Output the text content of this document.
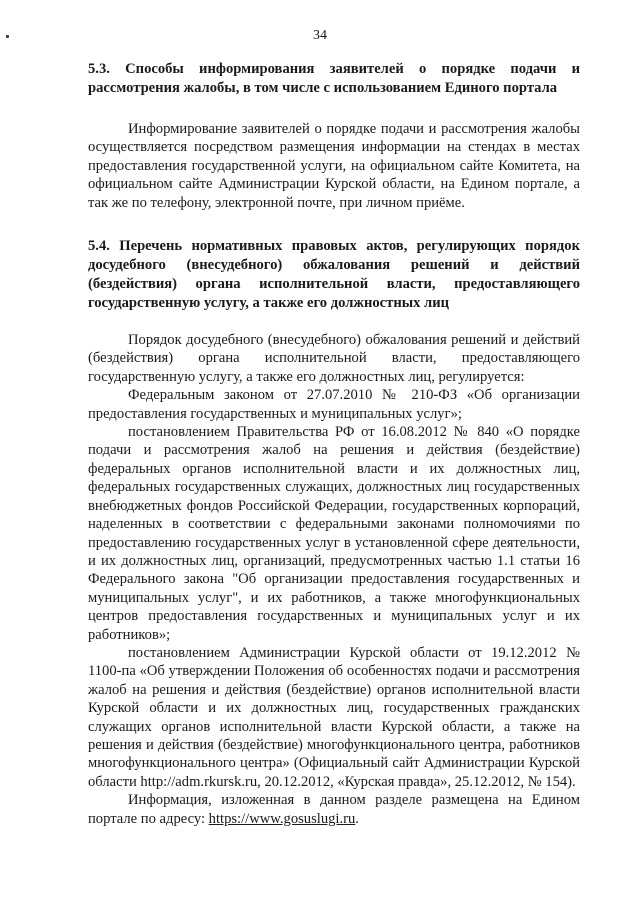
34
5.3. Способы информирования заявителей о порядке подачи и рассмотрения жалобы, в том числе с использованием Единого портала

Информирование заявителей о порядке подачи и рассмотрения жалобы осуществляется посредством размещения информации на стендах в местах предоставления государственной услуги, на официальном сайте Комитета, на официальном сайте Администрации Курской области, на Едином портале, а так же по телефону, электронной почте, при личном приёме.

5.4. Перечень нормативных правовых актов, регулирующих порядок досудебного (внесудебного) обжалования решений и действий (бездействия) органа исполнительной власти, предоставляющего государственную услугу, а также его должностных лиц

Порядок досудебного (внесудебного) обжалования решений и действий (бездействия) органа исполнительной власти, предоставляющего государственную услугу, а также его должностных лиц, регулируется:

Федеральным законом от 27.07.2010 № 210-ФЗ «Об организации предоставления государственных и муниципальных услуг»;

постановлением Правительства РФ от 16.08.2012 № 840 «О порядке подачи и рассмотрения жалоб на решения и действия (бездействие) федеральных органов исполнительной власти и их должностных лиц, федеральных государственных служащих, должностных лиц государственных внебюджетных фондов Российской Федерации, государственных корпораций, наделенных в соответствии с федеральными законами полномочиями по предоставлению государственных услуг в установленной сфере деятельности, и их должностных лиц, организаций, предусмотренных частью 1.1 статьи 16 Федерального закона "Об организации предоставления государственных и муниципальных услуг", и их работников, а также многофункциональных центров предоставления государственных и муниципальных услуг и их работников»;

постановлением Администрации Курской области от 19.12.2012 № 1100-па «Об утверждении Положения об особенностях подачи и рассмотрения жалоб на решения и действия (бездействие) органов исполнительной власти Курской области и их должностных лиц, государственных гражданских служащих органов исполнительной власти Курской области, а также на решения и действия (бездействие) многофункционального центра, работников многофункционального центра» (Официальный сайт Администрации Курской области http://adm.rkursk.ru, 20.12.2012, «Курская правда», 25.12.2012, № 154).

Информация, изложенная в данном разделе размещена на Едином портале по адресу: https://www.gosuslugi.ru.
